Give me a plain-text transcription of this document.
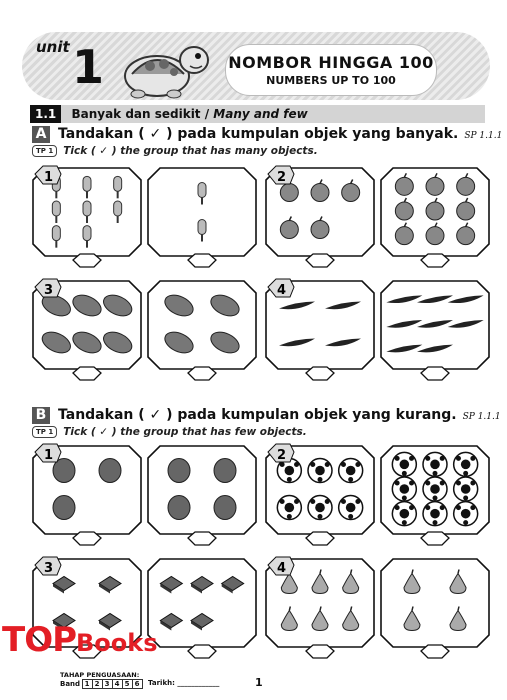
unit 1	NOMBOR HINGGA 100
NUMBERS UP TO 100
1.1 Banyak dan sedikit / Many and few
A Tandakan ( ✓ ) pada kumpulan objek yang banyak. SP 1.1.1
TP 1 Tick ( ✓ ) the group that has many objects.
B Tandakan ( ✓ ) pada kumpulan objek yang kurang. SP 1.1.1
TP 1 Tick ( ✓ ) the group that has few objects.
1	2
3	4
1	2
3	4
TOPBooks
TAHAP PENGUASAAN:
Band 1 2 3 4 5 6	Tarikh: ____________	1
